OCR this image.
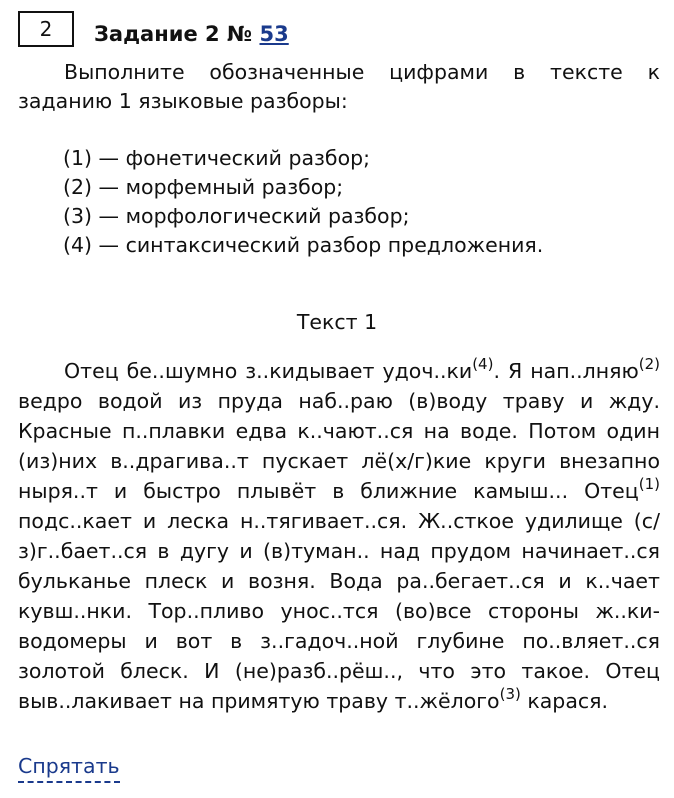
2	Задание 2 № 53

Выполните обозначенные цифрами в тексте к заданию 1 языковые разборы:

(1) — фонетический разбор;
(2) — морфемный разбор;
(3) — морфологический разбор;
(4) — синтаксический разбор предложения.
Текст 1

Отец бе..шумно з..кидывает $удоч..ки^{(4)}$. Я нап..лняю$^{(2)}$ ведро водой из пруда наб..раю (в)воду траву и жду. Красные п..плавки едва к..чают..ся на воде. Потом один (из)них в..драгива..т пускает лё(х/г)кие круги внезапно ныря..т и быстро плывёт в ближние камыш... Отец$^{(1)}$ подс..кает и леска н..тягивает..ся. Ж..сткое удилище (с/з)г..бает..ся в дугу и (в)туман.. над прудом начинает..ся бульканье плеск и возня. Вода ра..бегает..ся и к..чает кувш..нки. Тор..пливо унос..тся (во)все стороны ж..ки-водомеры и вот в з..гадоч..ной глубине по..вляет..ся золотой блеск. И (не)разб..рёш.., что это такое. Отец выв..лакивает на примятую траву т..жёлого$^{(3)}$ карася.

Спрятать
